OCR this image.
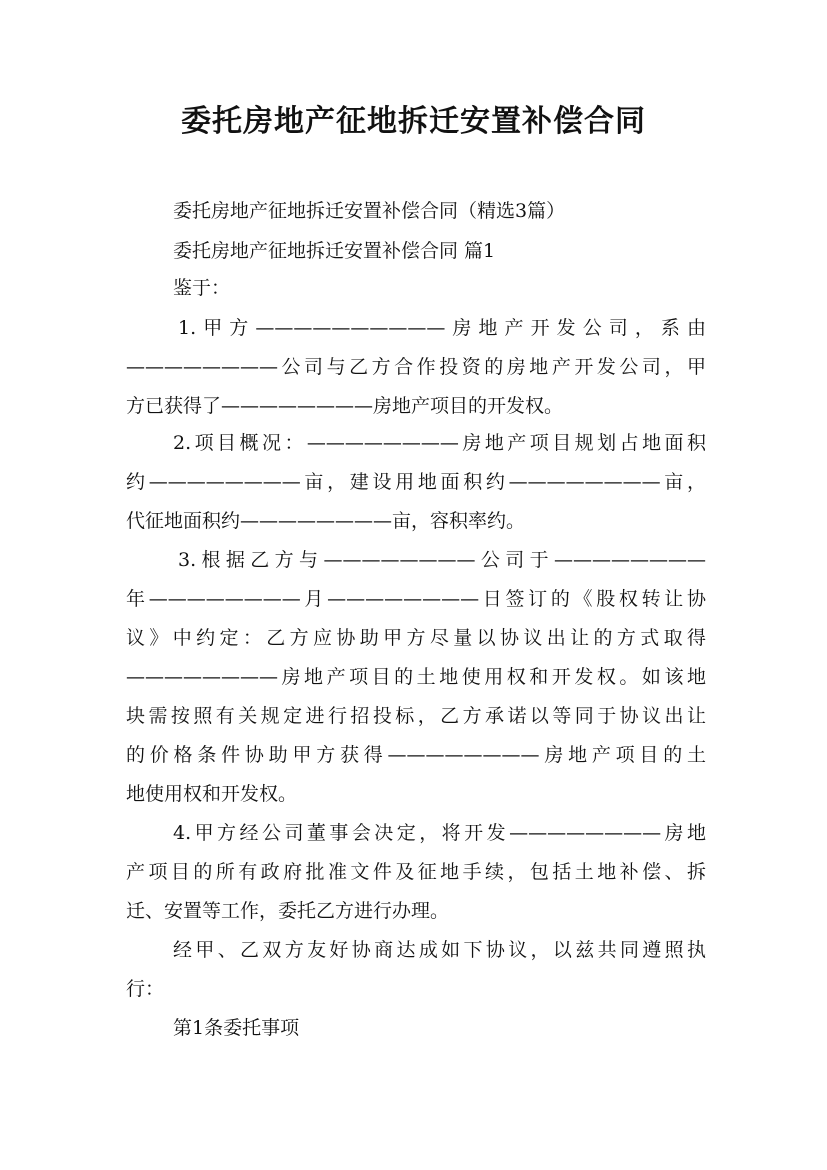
委托房地产征地拆迁安置补偿合同
委托房地产征地拆迁安置补偿合同（精选3篇）
委托房地产征地拆迁安置补偿合同 篇1
鉴于：
1.甲方——————————房地产开发公司，系由
————————公司与乙方合作投资的房地产开发公司，甲
方已获得了————————房地产项目的开发权。
2.项目概况：————————房地产项目规划占地面积
约————————亩，建设用地面积约————————亩，
代征地面积约————————亩，容积率约。
3.根据乙方与————————公司于————————
年————————月————————日签订的《股权转让协
议》中约定：乙方应协助甲方尽量以协议出让的方式取得
————————房地产项目的土地使用权和开发权。如该地
块需按照有关规定进行招投标，乙方承诺以等同于协议出让
的价格条件协助甲方获得————————房地产项目的土
地使用权和开发权。
4.甲方经公司董事会决定，将开发————————房地
产项目的所有政府批准文件及征地手续，包括土地补偿、拆
迁、安置等工作，委托乙方进行办理。
经甲、乙双方友好协商达成如下协议，以兹共同遵照执
行：
第1条委托事项
